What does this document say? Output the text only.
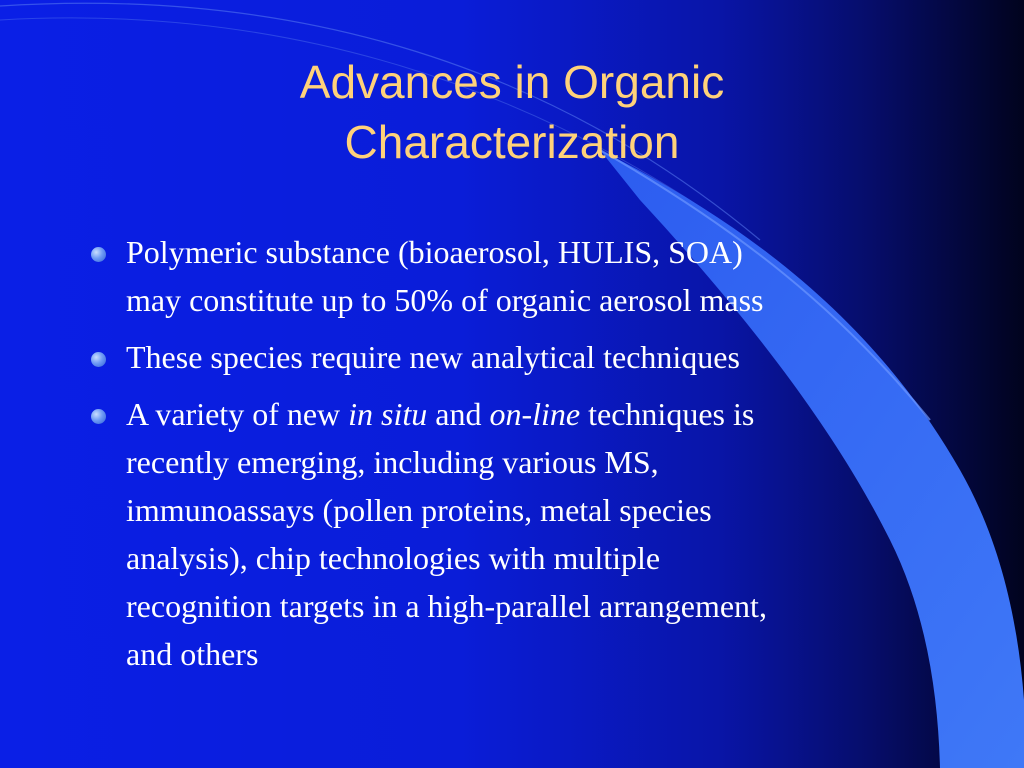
Advances in Organic
Characterization
Polymeric substance (bioaerosol, HULIS, SOA)
may constitute up to 50% of organic aerosol mass
These species require new analytical techniques
A variety of new in situ and on-line techniques is
recently emerging, including various MS,
immunoassays (pollen proteins, metal species
analysis), chip technologies with multiple
recognition targets in a high-parallel arrangement,
and others
